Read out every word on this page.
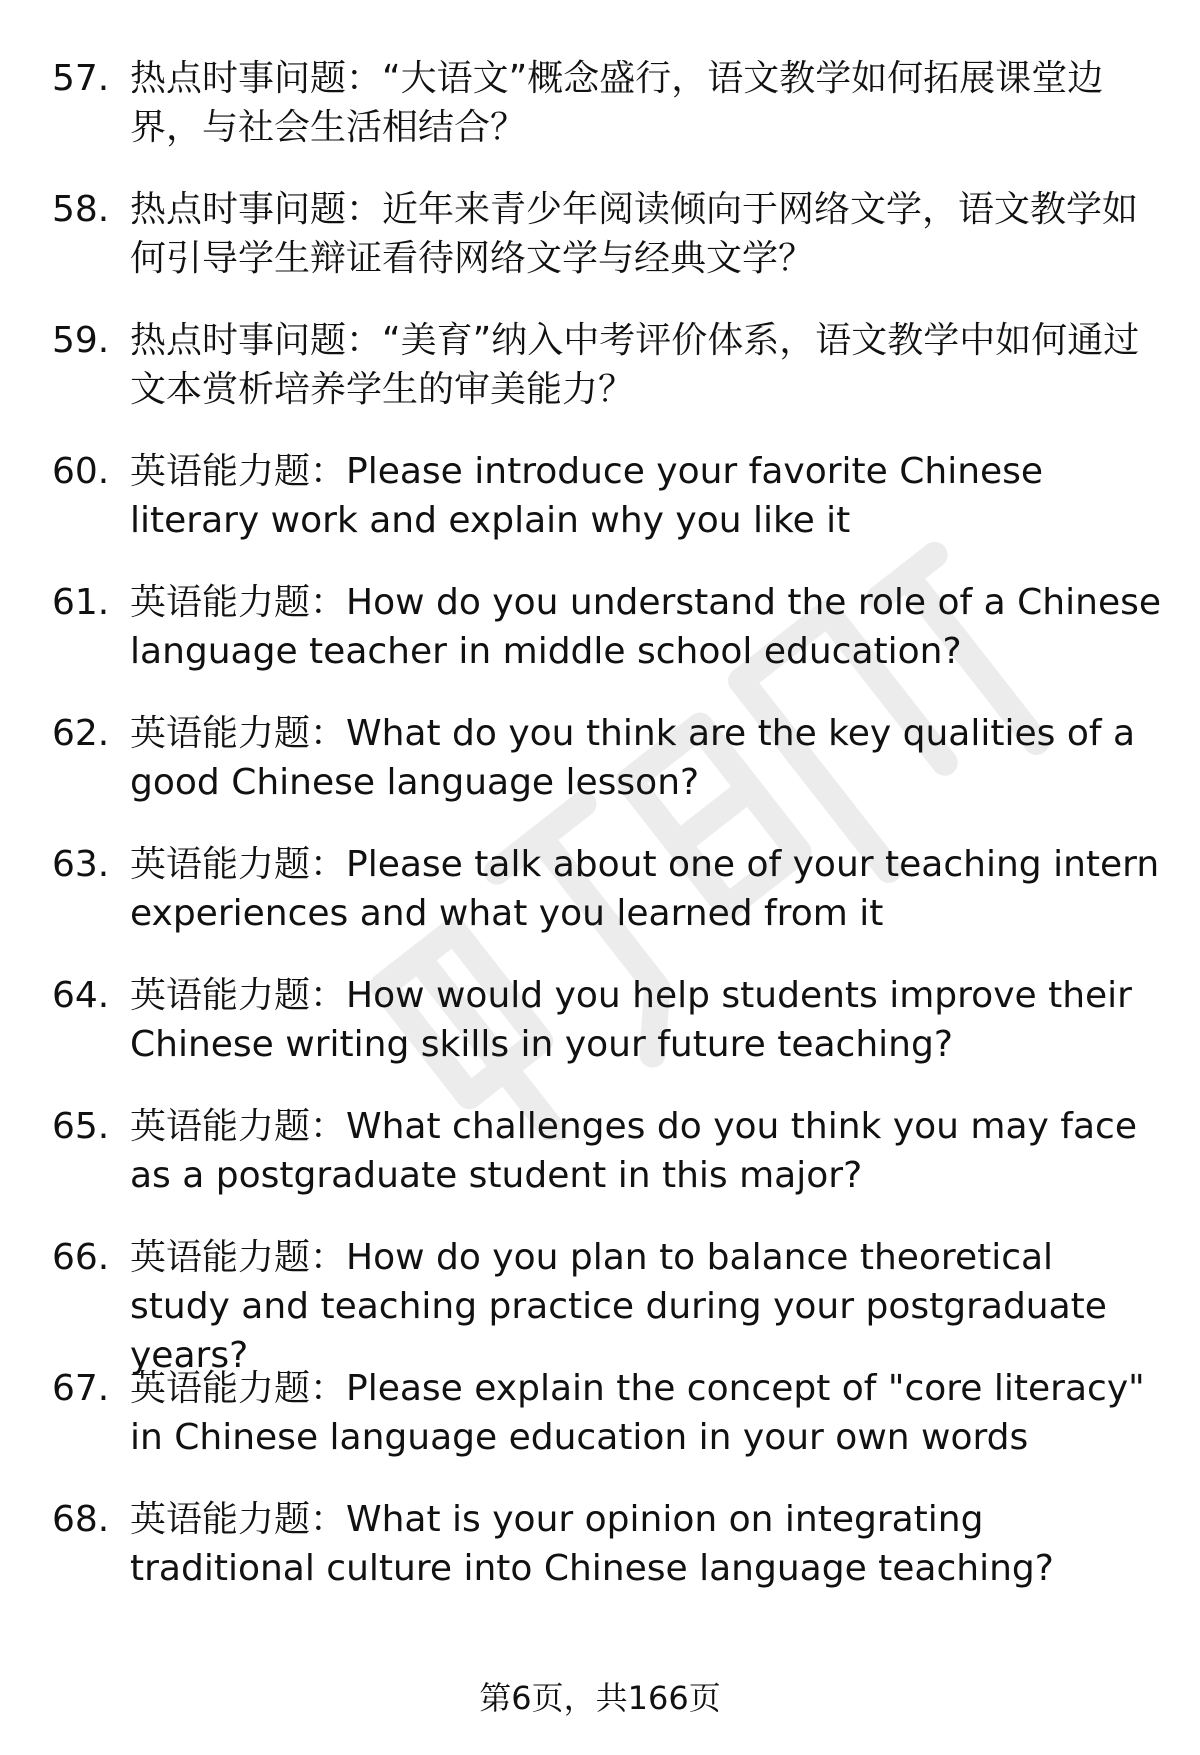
57. 热点时事问题：“大语文”概念盛行，语文教学如何拓展课堂边界，与社会生活相结合？
58. 热点时事问题：近年来青少年阅读倾向于网络文学，语文教学如何引导学生辩证看待网络文学与经典文学？
59. 热点时事问题：“美育”纳入中考评价体系，语文教学中如何通过文本赏析培养学生的审美能力？
60. 英语能力题：Please introduce your favorite Chinese literary work and explain why you like it
61. 英语能力题：How do you understand the role of a Chinese language teacher in middle school education?
62. 英语能力题：What do you think are the key qualities of a good Chinese language lesson?
63. 英语能力题：Please talk about one of your teaching intern experiences and what you learned from it
64. 英语能力题：How would you help students improve their Chinese writing skills in your future teaching?
65. 英语能力题：What challenges do you think you may face as a postgraduate student in this major?
66. 英语能力题：How do you plan to balance theoretical study and teaching practice during your postgraduate years?
67. 英语能力题：Please explain the concept of "core literacy" in Chinese language education in your own words
68. 英语能力题：What is your opinion on integrating traditional culture into Chinese language teaching?
第6页，共166页
